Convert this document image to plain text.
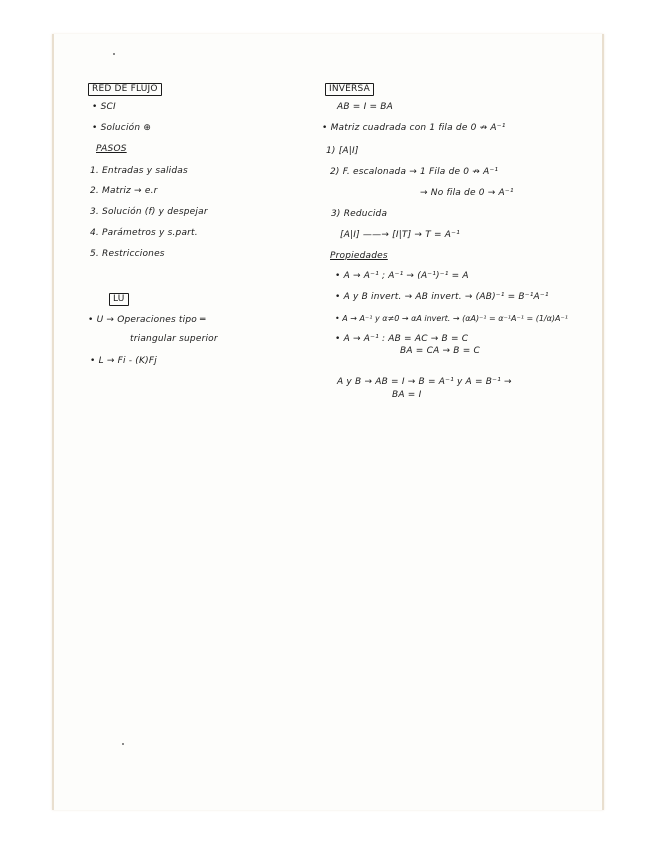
RED DE FLUJO
• SCI
• Solución ⊕
PASOS
1. Entradas y salidas
2. Matriz → e.r
3. Solución (f) y despejar
4. Parámetros y s.part.
5. Restricciones
LU
• U → Operaciones tipo ═
triangular superior
• L → Fi - (K)Fj
INVERSA
AB = I = BA
• Matriz cuadrada con 1 fila de 0 ↛ A⁻¹
1) [A|I]
2) F. escalonada → 1 Fila de 0 ↛ A⁻¹
→ No fila de 0 → A⁻¹
3) Reducida
[A|I] ——→ [I|T] → T = A⁻¹
Propiedades
• A → A⁻¹ ; A⁻¹ → (A⁻¹)⁻¹ = A
• A y B invert. → AB invert. → (AB)⁻¹ = B⁻¹A⁻¹
• A → A⁻¹ y α≠0 → αA invert. → (αA)⁻¹ = α⁻¹A⁻¹ = (1/α)A⁻¹
• A → A⁻¹ : AB = AC → B = C
BA = CA → B = C
A y B → AB = I → B = A⁻¹ y A = B⁻¹ →
BA = I
